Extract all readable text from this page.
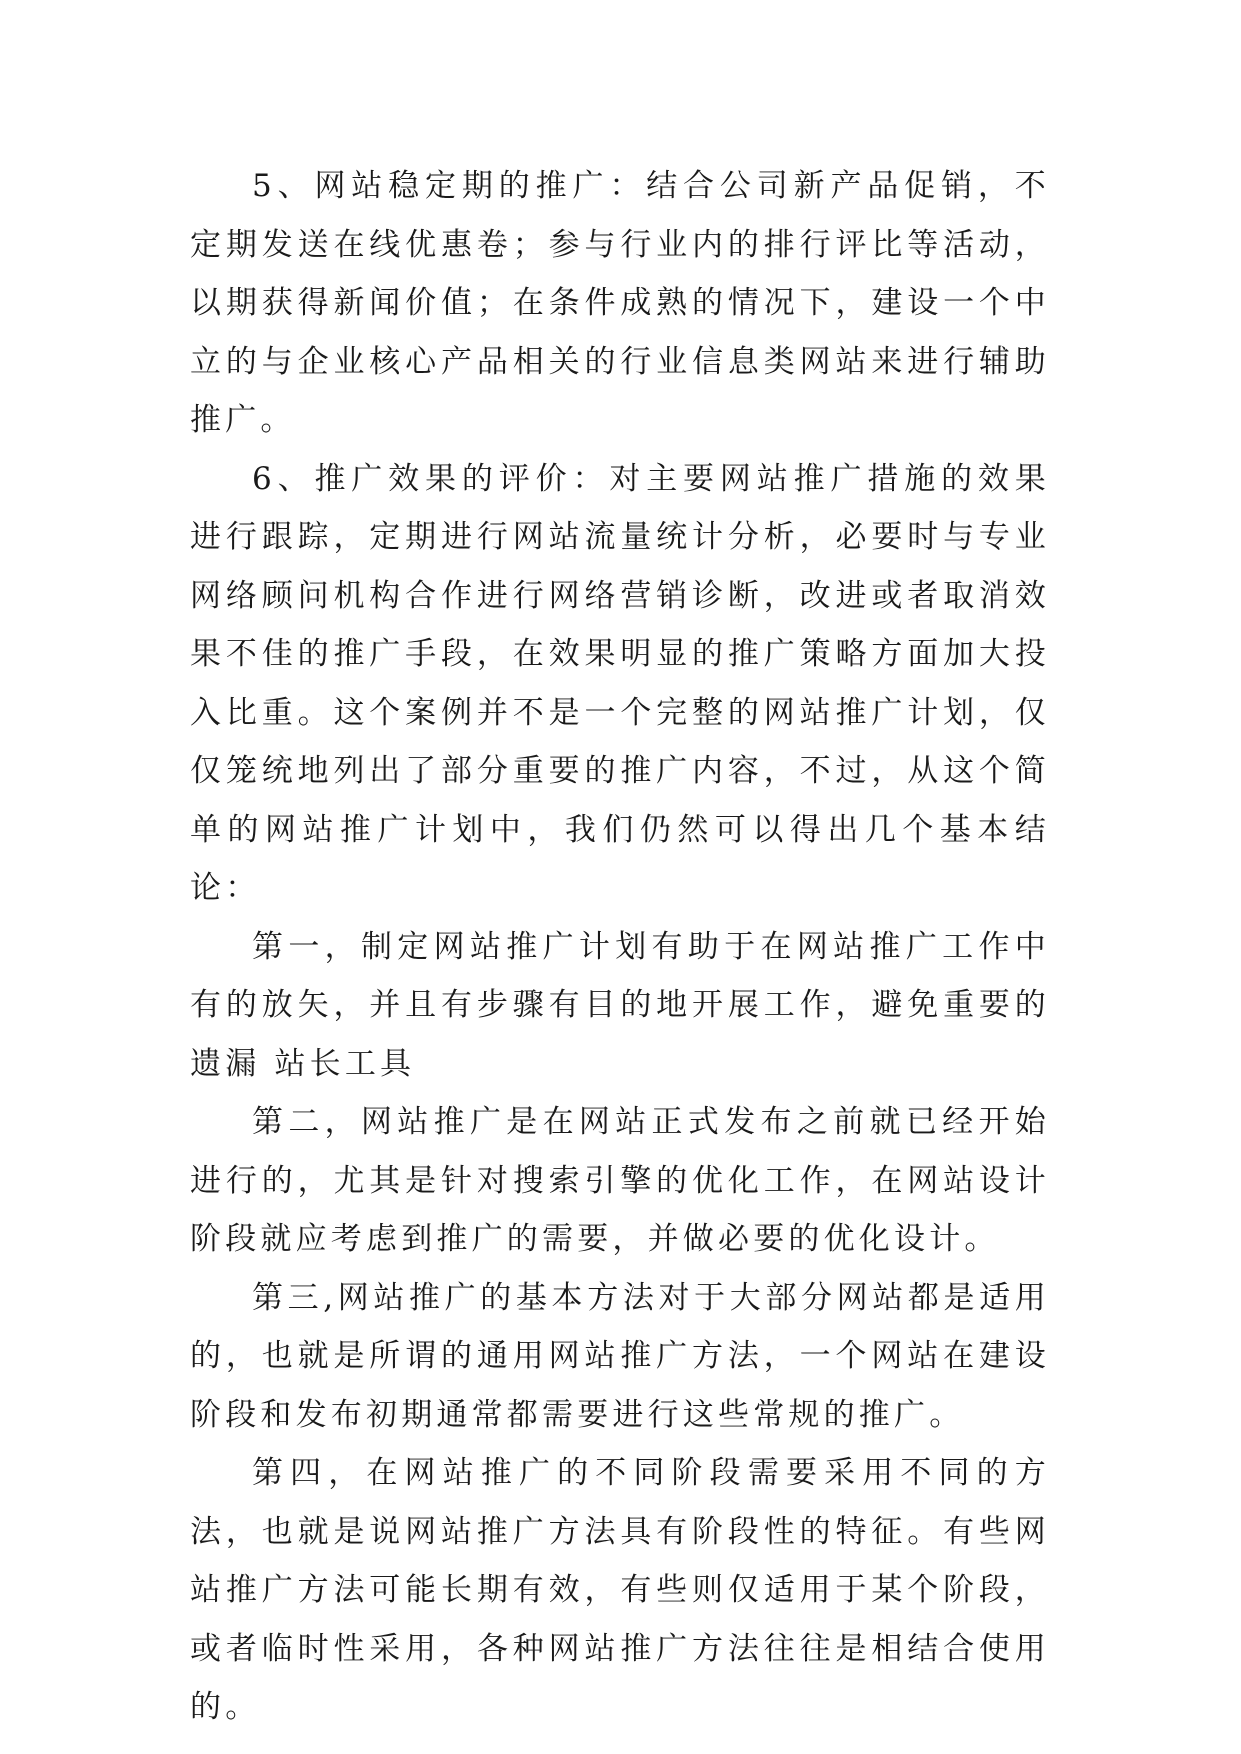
5、网站稳定期的推广：结合公司新产品促销，不定期发送在线优惠卷；参与行业内的排行评比等活动，以期获得新闻价值；在条件成熟的情况下，建设一个中立的与企业核心产品相关的行业信息类网站来进行辅助推广。

6、推广效果的评价：对主要网站推广措施的效果进行跟踪，定期进行网站流量统计分析，必要时与专业网络顾问机构合作进行网络营销诊断，改进或者取消效果不佳的推广手段，在效果明显的推广策略方面加大投入比重。这个案例并不是一个完整的网站推广计划，仅仅笼统地列出了部分重要的推广内容，不过，从这个简单的网站推广计划中，我们仍然可以得出几个基本结论：

第一，制定网站推广计划有助于在网站推广工作中有的放矢，并且有步骤有目的地开展工作，避免重要的遗漏 站长工具

第二，网站推广是在网站正式发布之前就已经开始进行的，尤其是针对搜索引擎的优化工作，在网站设计阶段就应考虑到推广的需要，并做必要的优化设计。

第三,网站推广的基本方法对于大部分网站都是适用的，也就是所谓的通用网站推广方法，一个网站在建设阶段和发布初期通常都需要进行这些常规的推广。

第四，在网站推广的不同阶段需要采用不同的方法，也就是说网站推广方法具有阶段性的特征。有些网站推广方法可能长期有效，有些则仅适用于某个阶段，或者临时性采用，各种网站推广方法往往是相结合使用的。
